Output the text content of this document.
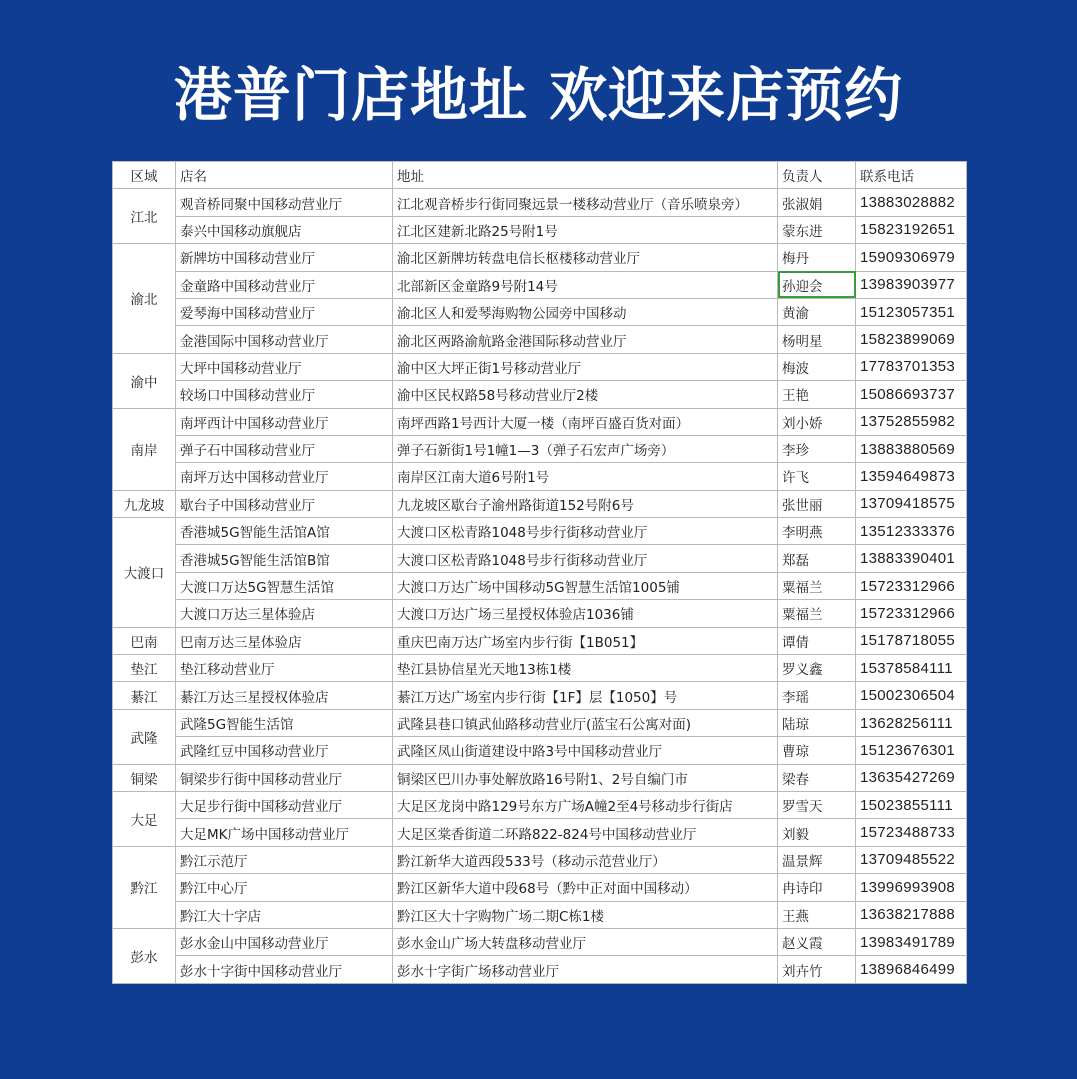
港普门店地址 欢迎来店预约
区域	店名	地址	负责人	联系电话
江北	观音桥同聚中国移动营业厅	江北观音桥步行街同聚远景一楼移动营业厅（音乐喷泉旁）	张淑娟	13883028882
	泰兴中国移动旗舰店	江北区建新北路25号附1号	蒙东进	15823192651
渝北	新牌坊中国移动营业厅	渝北区新牌坊转盘电信长枢楼移动营业厅	梅丹	15909306979
	金童路中国移动营业厅	北部新区金童路9号附14号	孙迎会	13983903977
	爱琴海中国移动营业厅	渝北区人和爱琴海购物公园旁中国移动	黄渝	15123057351
	金港国际中国移动营业厅	渝北区两路渝航路金港国际移动营业厅	杨明星	15823899069
渝中	大坪中国移动营业厅	渝中区大坪正街1号移动营业厅	梅波	17783701353
	较场口中国移动营业厅	渝中区民权路58号移动营业厅2楼	王艳	15086693737
南岸	南坪西计中国移动营业厅	南坪西路1号西计大厦一楼（南坪百盛百货对面）	刘小娇	13752855982
	弹子石中国移动营业厅	弹子石新街1号1幢1—3（弹子石宏声广场旁）	李珍	13883880569
	南坪万达中国移动营业厅	南岸区江南大道6号附1号	许飞	13594649873
九龙坡	歇台子中国移动营业厅	九龙坡区歇台子渝州路街道152号附6号	张世丽	13709418575
大渡口	香港城5G智能生活馆A馆	大渡口区松青路1048号步行街移动营业厅	李明燕	13512333376
	香港城5G智能生活馆B馆	大渡口区松青路1048号步行街移动营业厅	郑磊	13883390401
	大渡口万达5G智慧生活馆	大渡口万达广场中国移动5G智慧生活馆1005铺	粟福兰	15723312966
	大渡口万达三星体验店	大渡口万达广场三星授权体验店1036铺	粟福兰	15723312966
巴南	巴南万达三星体验店	重庆巴南万达广场室内步行街【1B051】	谭倩	15178718055
垫江	垫江移动营业厅	垫江县协信星光天地13栋1楼	罗义鑫	15378584111
綦江	綦江万达三星授权体验店	綦江万达广场室内步行街【1F】层【1050】号	李瑶	15002306504
武隆	武隆5G智能生活馆	武隆县巷口镇武仙路移动营业厅(蓝宝石公寓对面)	陆琼	13628256111
	武隆红豆中国移动营业厅	武隆区凤山街道建设中路3号中国移动营业厅	曹琼	15123676301
铜梁	铜梁步行街中国移动营业厅	铜梁区巴川办事处解放路16号附1、2号自编门市	梁春	13635427269
大足	大足步行街中国移动营业厅	大足区龙岗中路129号东方广场A幢2至4号移动步行街店	罗雪天	15023855111
	大足MK广场中国移动营业厅	大足区棠香街道二环路822-824号中国移动营业厅	刘毅	15723488733
黔江	黔江示范厅	黔江新华大道西段533号（移动示范营业厅）	温景辉	13709485522
	黔江中心厅	黔江区新华大道中段68号（黔中正对面中国移动）	冉诗印	13996993908
	黔江大十字店	黔江区大十字购物广场二期C栋1楼	王燕	13638217888
彭水	彭水金山中国移动营业厅	彭水金山广场大转盘移动营业厅	赵义霞	13983491789
	彭水十字街中国移动营业厅	彭水十字街广场移动营业厅	刘卉竹	13896846499
